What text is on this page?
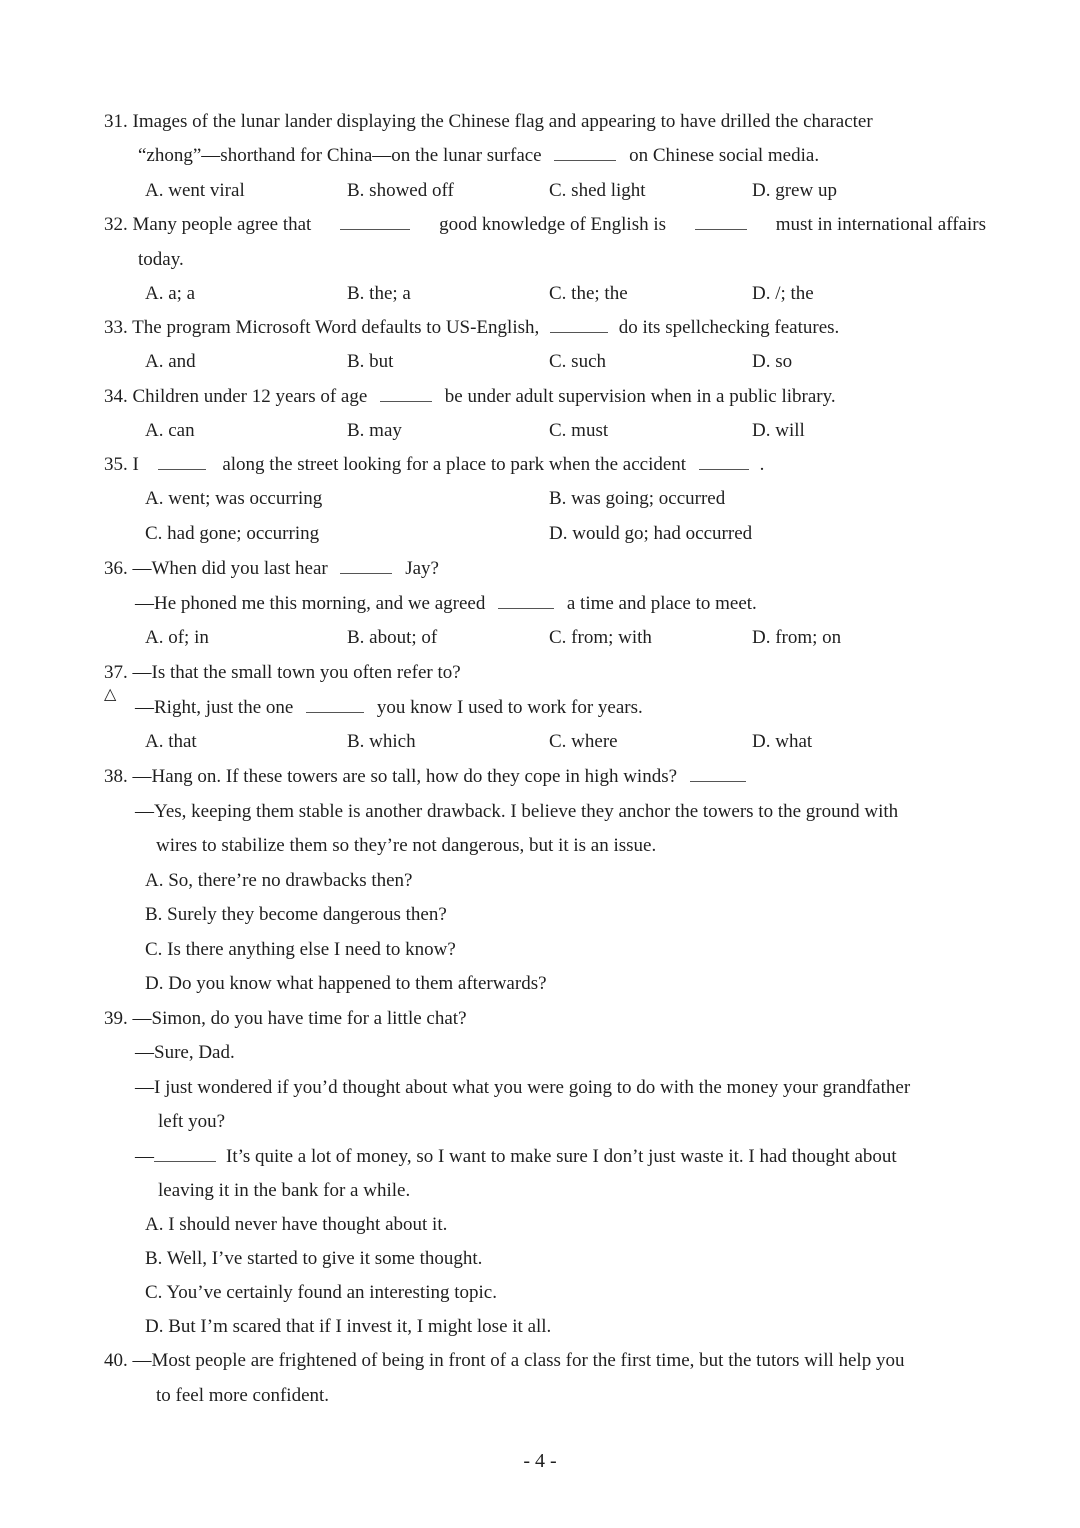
31. Images of the lunar lander displaying the Chinese flag and appearing to have drilled the character
“zhong”—shorthand for China—on the lunar surface	on Chinese social media.
A. went viral	B. showed off	C. shed light	D. grew up
32. Many people agree that	good knowledge of English is	must in international affairs
today.
A. a; a	B. the; a	C. the; the	D. /; the
33. The program Microsoft Word defaults to US-English,	do its spellchecking features.
A. and	B. but	C. such	D. so
34. Children under 12 years of age	be under adult supervision when in a public library.
A. can	B. may	C. must	D. will
35. I	along the street looking for a place to park when the accident	.
A. went; was occurring	B. was going; occurred
C. had gone; occurring	D. would go; had occurred
36. —When did you last hear	Jay?
—He phoned me this morning, and we agreed	a time and place to meet.
A. of; in	B. about; of	C. from; with	D. from; on
37. —Is that the small town you often refer to?
△
—Right, just the one	you know I used to work for years.
A. that	B. which	C. where	D. what
38. —Hang on. If these towers are so tall, how do they cope in high winds?
—Yes, keeping them stable is another drawback. I believe they anchor the towers to the ground with
wires to stabilize them so they’re not dangerous, but it is an issue.
A. So, there’re no drawbacks then?
B. Surely they become dangerous then?
C. Is there anything else I need to know?
D. Do you know what happened to them afterwards?
39. —Simon, do you have time for a little chat?
—Sure, Dad.
—I just wondered if you’d thought about what you were going to do with the money your grandfather
left you?
—	It’s quite a lot of money, so I want to make sure I don’t just waste it. I had thought about
leaving it in the bank for a while.
A. I should never have thought about it.
B. Well, I’ve started to give it some thought.
C. You’ve certainly found an interesting topic.
D. But I’m scared that if I invest it, I might lose it all.
40. —Most people are frightened of being in front of a class for the first time, but the tutors will help you
to feel more confident.
- 4 -
